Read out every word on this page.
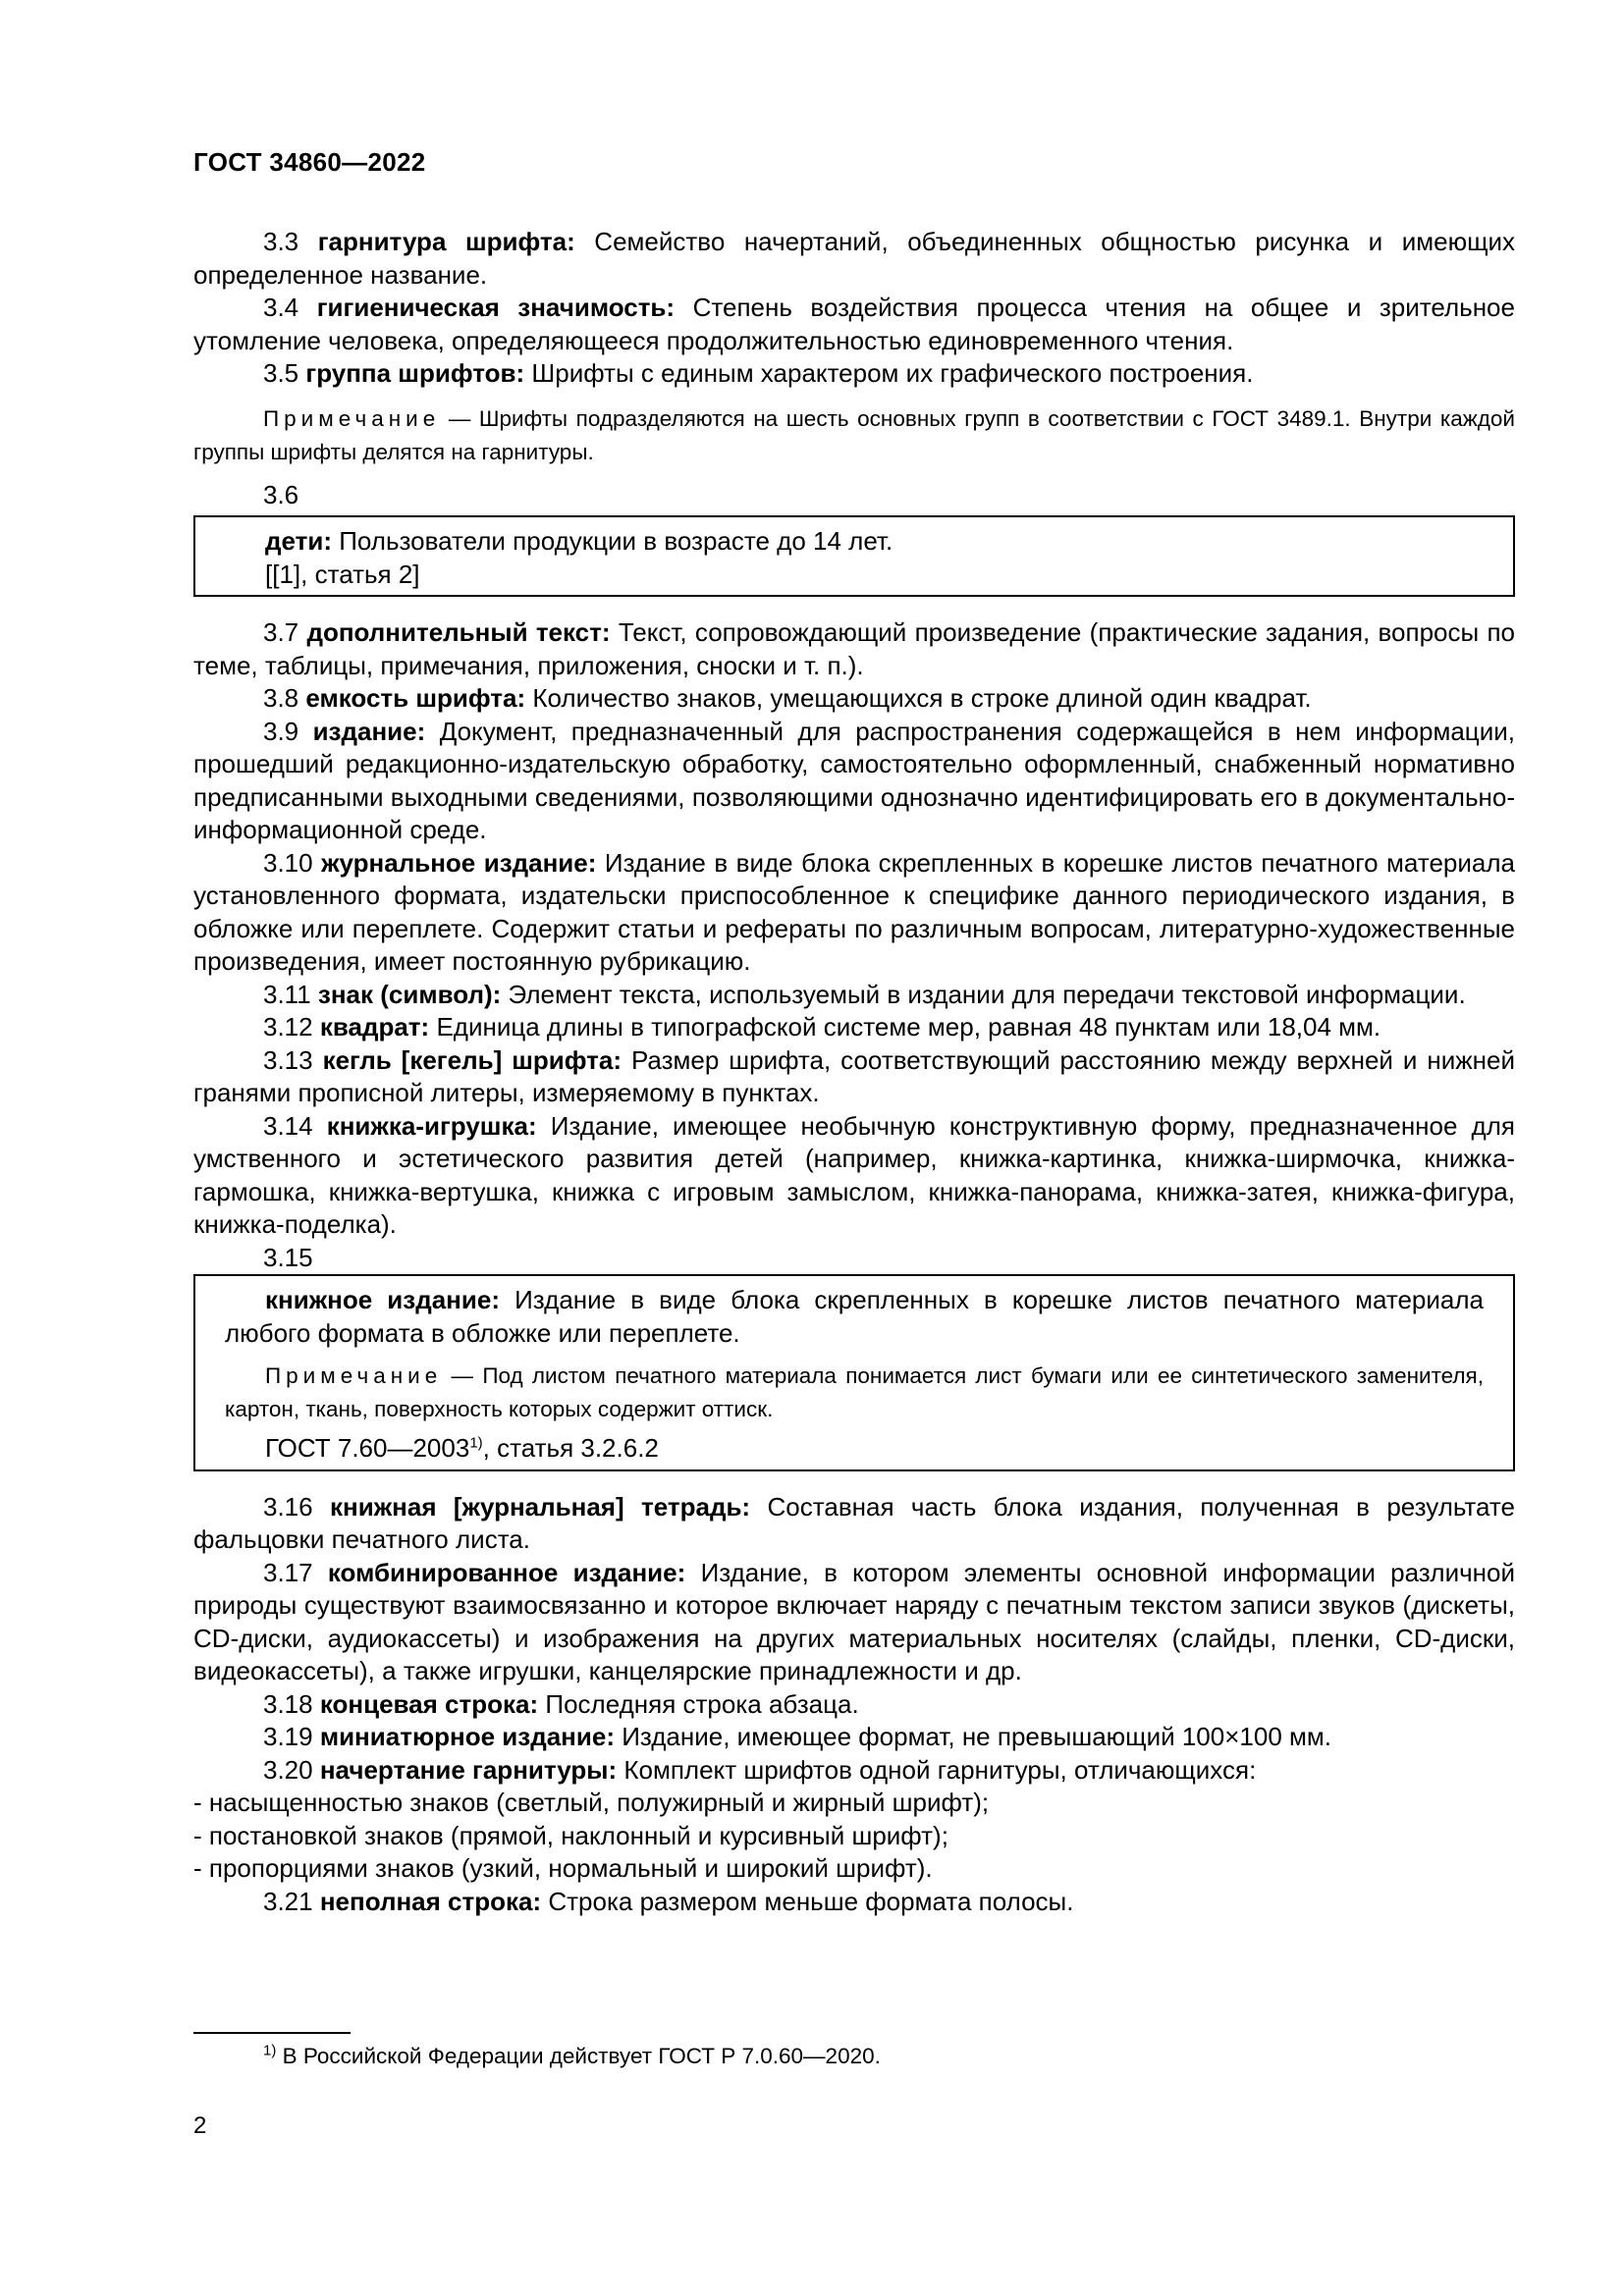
ГОСТ 34860—2022

3.3 гарнитура шрифта: Семейство начертаний, объединенных общностью рисунка и имеющих определенное название.

3.4 гигиеническая значимость: Степень воздействия процесса чтения на общее и зрительное утомление человека, определяющееся продолжительностью единовременного чтения.

3.5 группа шрифтов: Шрифты с единым характером их графического построения.

Примечание — Шрифты подразделяются на шесть основных групп в соответствии с ГОСТ 3489.1. Внутри каждой группы шрифты делятся на гарнитуры.

3.6

дети: Пользователи продукции в возрасте до 14 лет.

[[1], статья 2]

3.7 дополнительный текст: Текст, сопровождающий произведение (практические задания, вопросы по теме, таблицы, примечания, приложения, сноски и т. п.).

3.8 емкость шрифта: Количество знаков, умещающихся в строке длиной один квадрат.

3.9 издание: Документ, предназначенный для распространения содержащейся в нем информации, прошедший редакционно-издательскую обработку, самостоятельно оформленный, снабженный нормативно предписанными выходными сведениями, позволяющими однозначно идентифицировать его в документально-информационной среде.

3.10 журнальное издание: Издание в виде блока скрепленных в корешке листов печатного материала установленного формата, издательски приспособленное к специфике данного периодического издания, в обложке или переплете. Содержит статьи и рефераты по различным вопросам, литературно-художественные произведения, имеет постоянную рубрикацию.

3.11 знак (символ): Элемент текста, используемый в издании для передачи текстовой информации.

3.12 квадрат: Единица длины в типографской системе мер, равная 48 пунктам или 18,04 мм.

3.13 кегль [кегель] шрифта: Размер шрифта, соответствующий расстоянию между верхней и нижней гранями прописной литеры, измеряемому в пунктах.

3.14 книжка-игрушка: Издание, имеющее необычную конструктивную форму, предназначенное для умственного и эстетического развития детей (например, книжка-картинка, книжка-ширмочка, книжка-гармошка, книжка-вертушка, книжка с игровым замыслом, книжка-панорама, книжка-затея, книжка-фигура, книжка-поделка).

3.15

книжное издание: Издание в виде блока скрепленных в корешке листов печатного материала любого формата в обложке или переплете.

Примечание — Под листом печатного материала понимается лист бумаги или ее синтетического заменителя, картон, ткань, поверхность которых содержит оттиск.

ГОСТ 7.60—2003$^{1)}$, статья 3.2.6.2

3.16 книжная [журнальная] тетрадь: Составная часть блока издания, полученная в результате фальцовки печатного листа.

3.17 комбинированное издание: Издание, в котором элементы основной информации различной природы существуют взаимосвязанно и которое включает наряду с печатным текстом записи звуков (дискеты, CD-диски, аудиокассеты) и изображения на других материальных носителях (слайды, пленки, CD-диски, видеокассеты), а также игрушки, канцелярские принадлежности и др.

3.18 концевая строка: Последняя строка абзаца.

3.19 миниатюрное издание: Издание, имеющее формат, не превышающий 100×100 мм.

3.20 начертание гарнитуры: Комплект шрифтов одной гарнитуры, отличающихся:

- насыщенностью знаков (светлый, полужирный и жирный шрифт);

- постановкой знаков (прямой, наклонный и курсивный шрифт);

- пропорциями знаков (узкий, нормальный и широкий шрифт).

3.21 неполная строка: Строка размером меньше формата полосы.

$^{1)}$ В Российской Федерации действует ГОСТ Р 7.0.60—2020.
2
